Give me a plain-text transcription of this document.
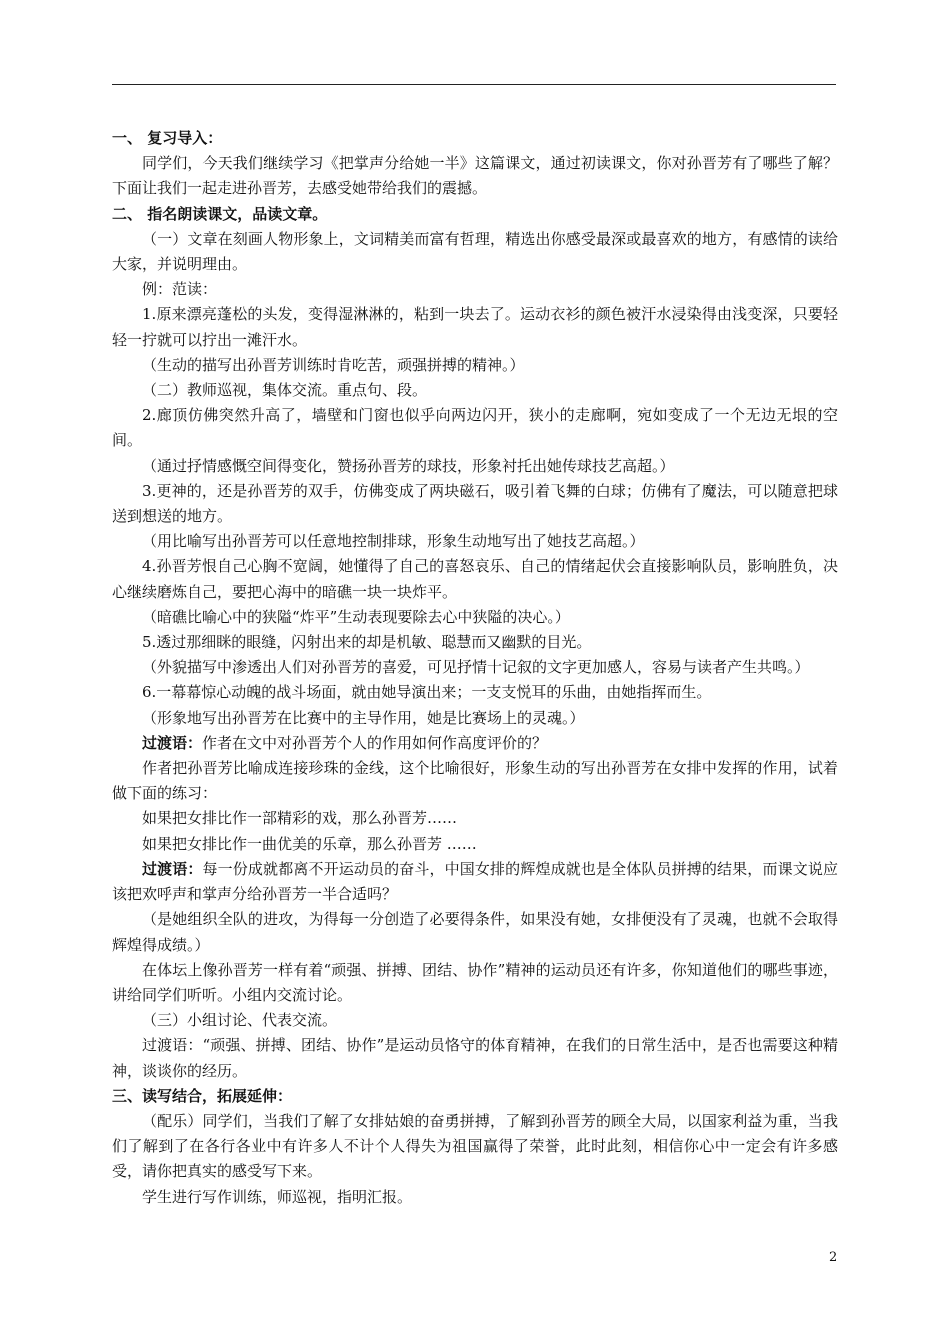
一、 复习导入：

同学们，今天我们继续学习《把掌声分给她一半》这篇课文，通过初读课文，你对孙晋芳有了哪些了解？下面让我们一起走进孙晋芳，去感受她带给我们的震撼。

二、 指名朗读课文，品读文章。

（一）文章在刻画人物形象上，文词精美而富有哲理，精选出你感受最深或最喜欢的地方，有感情的读给大家，并说明理由。

例：范读：

1.原来漂亮蓬松的头发，变得湿淋淋的，粘到一块去了。运动衣衫的颜色被汗水浸染得由浅变深，只要轻轻一拧就可以拧出一滩汗水。

（生动的描写出孙晋芳训练时肯吃苦，顽强拼搏的精神。）

（二）教师巡视，集体交流。重点句、段。

2.廊顶仿佛突然升高了，墙壁和门窗也似乎向两边闪开，狭小的走廊啊，宛如变成了一个无边无垠的空间。

（通过抒情感慨空间得变化，赞扬孙晋芳的球技，形象衬托出她传球技艺高超。）

3.更神的，还是孙晋芳的双手，仿佛变成了两块磁石，吸引着飞舞的白球；仿佛有了魔法，可以随意把球送到想送的地方。

（用比喻写出孙晋芳可以任意地控制排球，形象生动地写出了她技艺高超。）

4.孙晋芳恨自己心胸不宽阔，她懂得了自己的喜怒哀乐、自己的情绪起伏会直接影响队员，影响胜负，决心继续磨炼自己，要把心海中的暗礁一块一块炸平。

（暗礁比喻心中的狭隘“炸平”生动表现要除去心中狭隘的决心。）

5.透过那细眯的眼缝，闪射出来的却是机敏、聪慧而又幽默的目光。

（外貌描写中渗透出人们对孙晋芳的喜爱，可见抒情十记叙的文字更加感人，容易与读者产生共鸣。）

6.一幕幕惊心动魄的战斗场面，就由她导演出来；一支支悦耳的乐曲，由她指挥而生。

（形象地写出孙晋芳在比赛中的主导作用，她是比赛场上的灵魂。）

过渡语：作者在文中对孙晋芳个人的作用如何作高度评价的？

作者把孙晋芳比喻成连接珍珠的金线，这个比喻很好，形象生动的写出孙晋芳在女排中发挥的作用，试着做下面的练习：

如果把女排比作一部精彩的戏，那么孙晋芳……

如果把女排比作一曲优美的乐章，那么孙晋芳 ……

过渡语：每一份成就都离不开运动员的奋斗，中国女排的辉煌成就也是全体队员拼搏的结果，而课文说应该把欢呼声和掌声分给孙晋芳一半合适吗？

（是她组织全队的进攻，为得每一分创造了必要得条件，如果没有她，女排便没有了灵魂，也就不会取得辉煌得成绩。）

在体坛上像孙晋芳一样有着“顽强、拼搏、团结、协作”精神的运动员还有许多，你知道他们的哪些事迹，讲给同学们听听。小组内交流讨论。

（三）小组讨论、代表交流。

过渡语：“顽强、拼搏、团结、协作”是运动员恪守的体育精神，在我们的日常生活中，是否也需要这种精神，谈谈你的经历。

三、读写结合，拓展延伸：

（配乐）同学们，当我们了解了女排姑娘的奋勇拼搏，了解到孙晋芳的顾全大局，以国家利益为重，当我们了解到了在各行各业中有许多人不计个人得失为祖国赢得了荣誉，此时此刻，相信你心中一定会有许多感受，请你把真实的感受写下来。

学生进行写作训练，师巡视，指明汇报。

2
